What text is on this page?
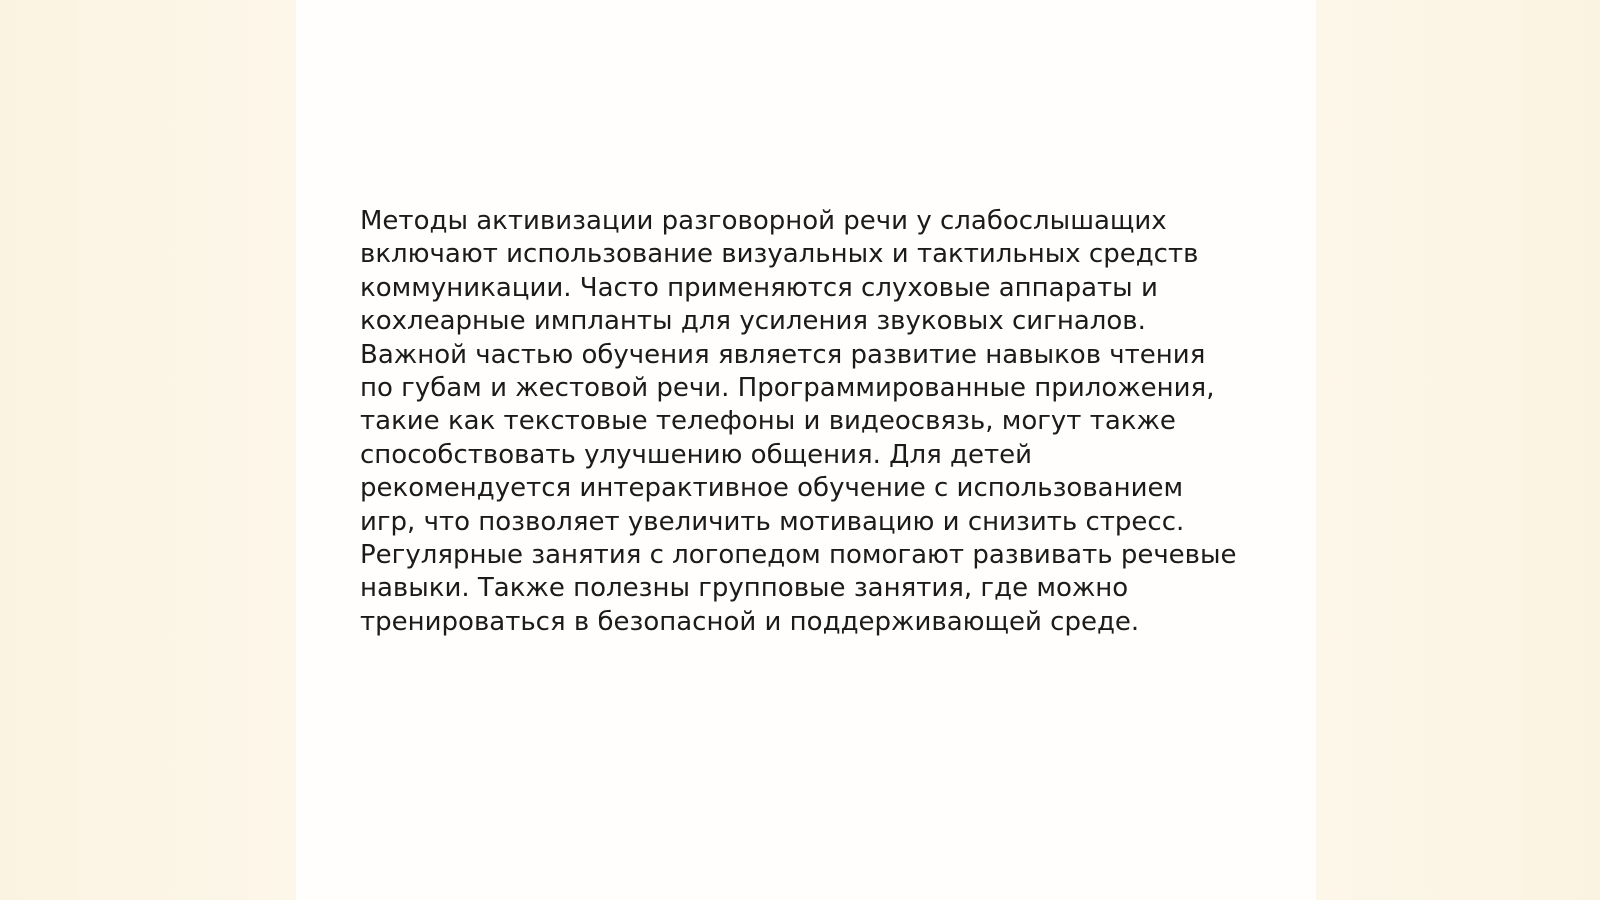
Методы активизации разговорной речи у слабослышащих
включают использование визуальных и тактильных средств
коммуникации. Часто применяются слуховые аппараты и
кохлеарные импланты для усиления звуковых сигналов.
Важной частью обучения является развитие навыков чтения
по губам и жестовой речи. Программированные приложения,
такие как текстовые телефоны и видеосвязь, могут также
способствовать улучшению общения. Для детей
рекомендуется интерактивное обучение с использованием
игр, что позволяет увеличить мотивацию и снизить стресс.
Регулярные занятия с логопедом помогают развивать речевые
навыки. Также полезны групповые занятия, где можно
тренироваться в безопасной и поддерживающей среде.
